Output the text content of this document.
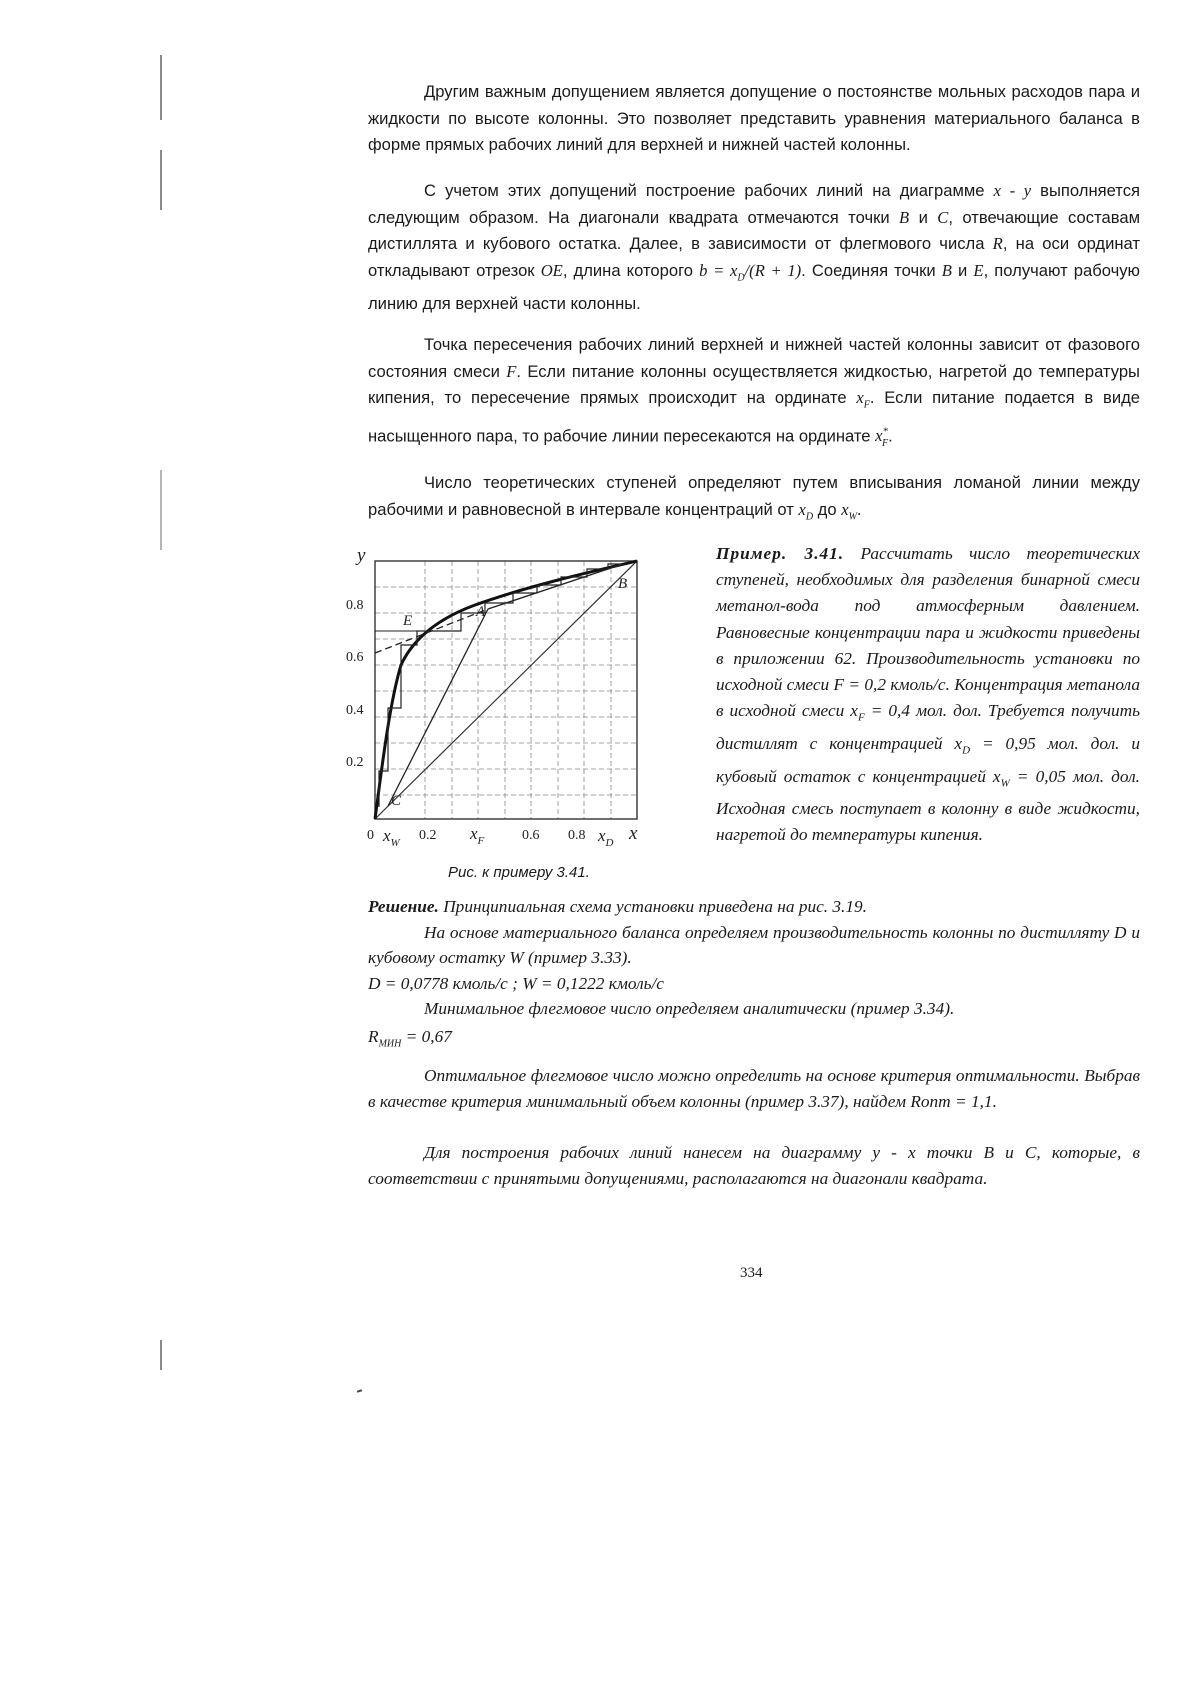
Другим важным допущением является допущение о постоянстве мольных расходов пара и жидкости по высоте колонны. Это позволяет представить уравнения материального баланса в форме прямых рабочих линий для верхней и нижней частей колонны.

С учетом этих допущений построение рабочих линий на диаграмме x - y выполняется следующим образом. На диагонали квадрата отмечаются точки B и C, отвечающие составам дистиллята и кубового остатка. Далее, в зависимости от флегмового числа R, на оси ординат откладывают отрезок OE, длина которого $b = x_D/(R + 1)$. Соединяя точки B и E, получают рабочую линию для верхней части колонны.

Точка пересечения рабочих линий верхней и нижней частей колонны зависит от фазового состояния смеси F. Если питание колонны осуществляется жидкостью, нагретой до температуры кипения, то пересечение прямых происходит на ординате $x_F$. Если питание подается в виде насыщенного пара, то рабочие линии пересекаются на ординате $x^*_F$.

Число теоретических ступеней определяют путем вписывания ломаной линии между рабочими и равновесной в интервале концентраций от $x_D$ до $x_W$.

B
E
A
C
y
x
0.8
0.6
0.4
0.2
0	0.2	0.6 0.8
$x_W$	$x_F$	$x_D$
Рис. к примеру 3.41.
Пример. 3.41. Рассчитать число теоретических ступеней, необходимых для разделения бинарной смеси метанол-вода под атмосферным давлением. Равновесные концентрации пара и жидкости приведены в приложении 62. Производительность установки по исходной смеси F = 0,2 кмоль/с. Концентрация метанола в исходной смеси $x_F = 0,4$ мол. дол. Требуется получить дистиллят с концентрацией $x_D = 0,95$ мол. дол. и кубовый остаток с концентрацией $x_W = 0,05$ мол. дол. Исходная смесь поступает в колонну в виде жидкости, нагретой до температуры кипения.

Решение. Принципиальная схема установки приведена на рис. 3.19.

На основе материального баланса определяем производительность колонны по дистилляту D и кубовому остатку W (пример 3.33).

D = 0,0778 кмоль/с ; W = 0,1222 кмоль/с

Минимальное флегмовое число определяем аналитически (пример 3.34).

$R_{МИН} = 0,67$

Оптимальное флегмовое число можно определить на основе критерия оптимальности. Выбрав в качестве критерия минимальный объем колонны (пример 3.37), найдем Rопт = 1,1.

Для построения рабочих линий нанесем на диаграмму y - x точки B и C, которые, в соответствии с принятыми допущениями, располагаются на диагонали квадрата.

334
